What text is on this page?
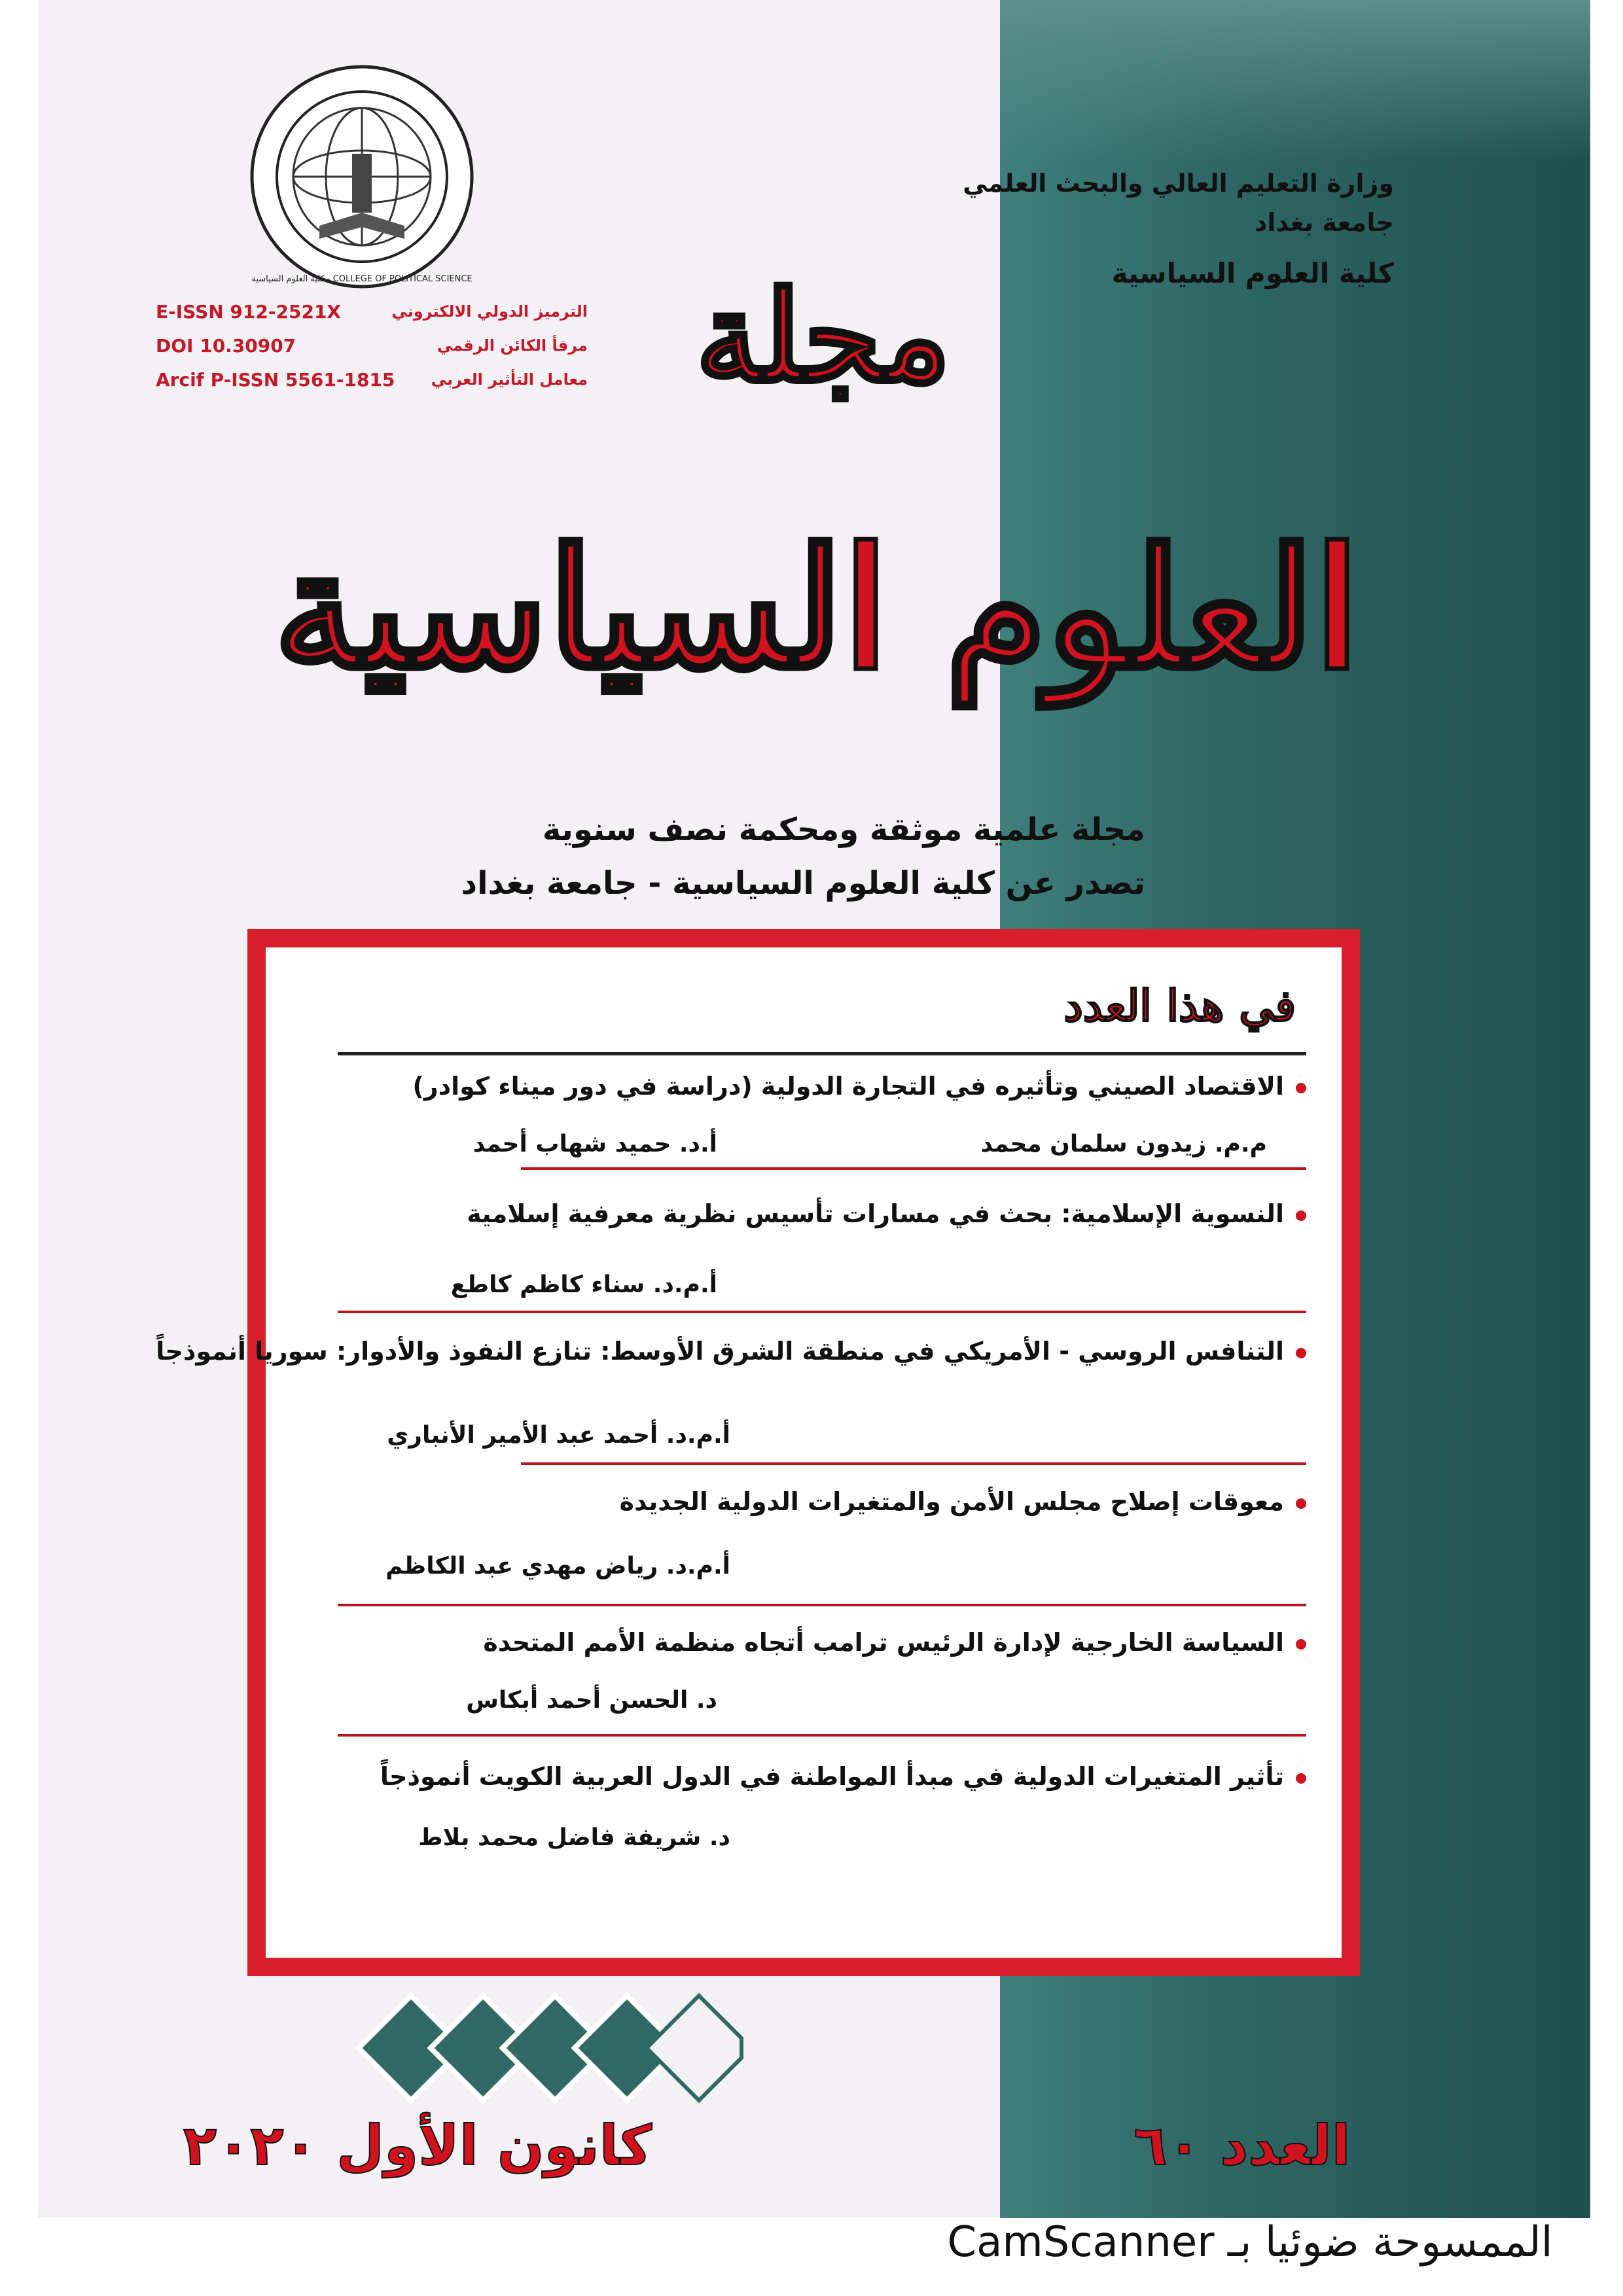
كلية العلوم السياسية - COLLEGE OF POLITICAL SCIENCE
وزارة التعليم العالي والبحث العلمي
جامعة بغداد
كلية العلوم السياسية
E-ISSN 912-2521X	الترميز الدولي الالكتروني
DOI 10.30907	مرفأ الكائن الرقمي
Arcif P-ISSN 5561-1815 معامل التأثير العربي مجلة
العلوم السياسية
مجلة علمية موثقة ومحكمة نصف سنوية
تصدر عن كلية العلوم السياسية - جامعة بغداد
في هذا العدد
الاقتصاد الصيني وتأثيره في التجارة الدولية (دراسة في دور ميناء كوادر)
م.م. زيدون سلمان محمد
أ.د. حميد شهاب أحمد
النسوية الإسلامية: بحث في مسارات تأسيس نظرية معرفية إسلامية
أ.م.د. سناء كاظم كاطع
التنافس الروسي - الأمريكي في منطقة الشرق الأوسط: تنازع النفوذ والأدوار: سوريا أنموذجاً
أ.م.د. أحمد عبد الأمير الأنباري
معوقات إصلاح مجلس الأمن والمتغيرات الدولية الجديدة
أ.م.د. رياض مهدي عبد الكاظم
السياسة الخارجية لإدارة الرئيس ترامب أتجاه منظمة الأمم المتحدة
د. الحسن أحمد أبكاس
تأثير المتغيرات الدولية في مبدأ المواطنة في الدول العربية الكويت أنموذجاً
د. شريفة فاضل محمد بلاط
كانون الأول ٢٠٢٠	العدد ٦٠
الممسوحة ضوئيا بـ CamScanner
